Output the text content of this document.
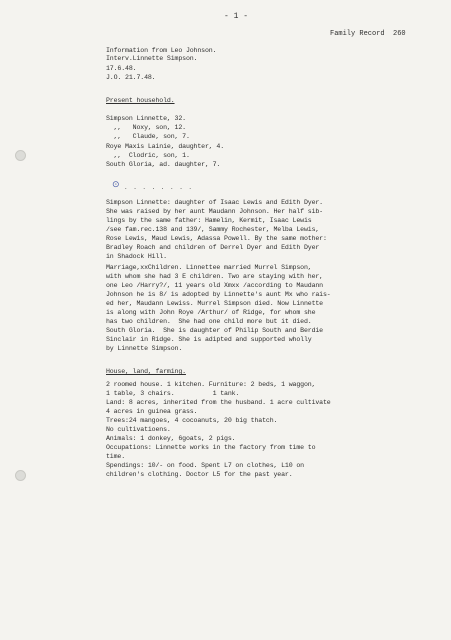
- 1 -
Family Record  260
Information from Leo Johnson.
Interv.Linnette Simpson.
17.6.48.
J.O. 21.7.48.
Present household.
Simpson Linnette, 32.
,,   Noxy, son, 12.
,,   Claude, son, 7.
Roye Maxis Lainie, daughter, 4.
,,  Clodric, son, 1.
South Gloria, ad. daughter, 7.
⊙ . . . . . . . .
Simpson Linnette: daughter of Isaac Lewis and Edith Dyer.
She was raised by her aunt Maudann Johnson. Her half sib-
lings by the same father: Hamelin, Kermit, Isaac Lewis
/see fam.rec.138 and 139/, Sammy Rochester, Melba Lewis,
Rose Lewis, Maud Lewis, Adassa Powell. By the same mother:
Bradley Roach and children of Derrel Dyer and Edith Dyer
in Shadock Hill.
Marriage,xxChildren. Linnettee married Murrel Simpson,
with whom she had 3 E children. Two are staying with her,
one Leo /Harry?/, 11 years old Xmxx /according to Maudann
Johnson he is 8/ is adopted by Linnette's aunt Mx who rais-
ed her, Maudann Lewiss. Murrel Simpson died. Now Linnette
is along with John Roye /Arthur/ of Ridge, for whom she
has two children.  She had one child more but it died.
South Gloria.  She is daughter of Philip South and Berdie
Sinclair in Ridge. She is adipted and supported wholly
by Linnette Simpson.
House, land, farming.
2 roomed house. 1 kitchen. Furniture: 2 beds, 1 waggon,
1 table, 3 chairs.          1 tank.
Land: 8 acres, inherited from the husband. 1 acre cultivate
4 acres in guinea grass.
Trees:24 mangoes, 4 cocoanuts, 20 big thatch.
No cultivatioens.
Animals: 1 donkey, 6goats, 2 pigs.
Occupations: Linnette works in the factory from time to
time.
Spendings: 10/- on food. Spent L7 on clothes, L10 on
children's clothing. Doctor L5 for the past year.
